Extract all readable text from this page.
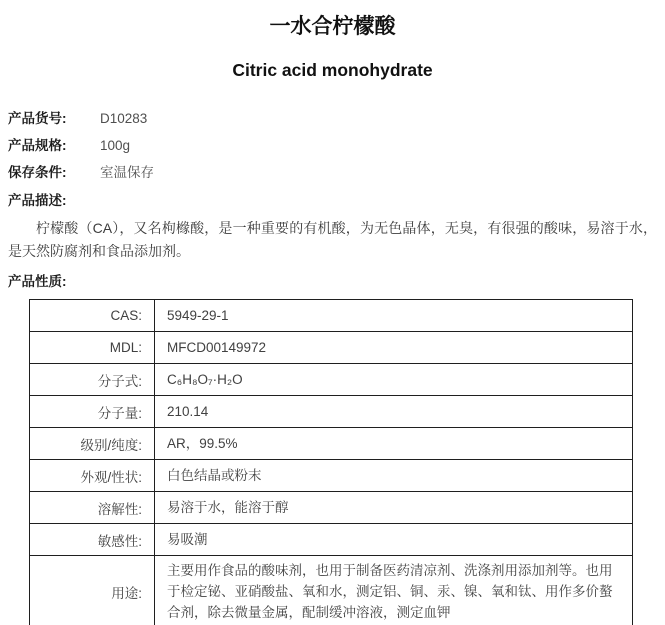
一水合柠檬酸
Citric acid monohydrate
产品货号:	D10283
产品规格:	100g
保存条件:	室温保存
产品描述:

柠檬酸（CA），又名枸橼酸，是一种重要的有机酸，为无色晶体，无臭，有很强的酸味，易溶于水，是天然防腐剂和食品添加剂。

产品性质:
CAS:	5949-29-1
MDL:	MFCD00149972
分子式:	C₆H₈O₇·H₂O
分子量:	210.14
级别/纯度:	AR，99.5%
外观/性状:	白色结晶或粉末
溶解性:	易溶于水，能溶于醇
敏感性:	易吸潮
用途:	主要用作食品的酸味剂，也用于制备医药清凉剂、洗涤剂用添加剂等。也用于检定铋、亚硝酸盐、氧和水，测定铝、铜、汞、镍、氧和钛、用作多价螯合剂，除去微量金属，配制缓冲溶液，测定血钾
